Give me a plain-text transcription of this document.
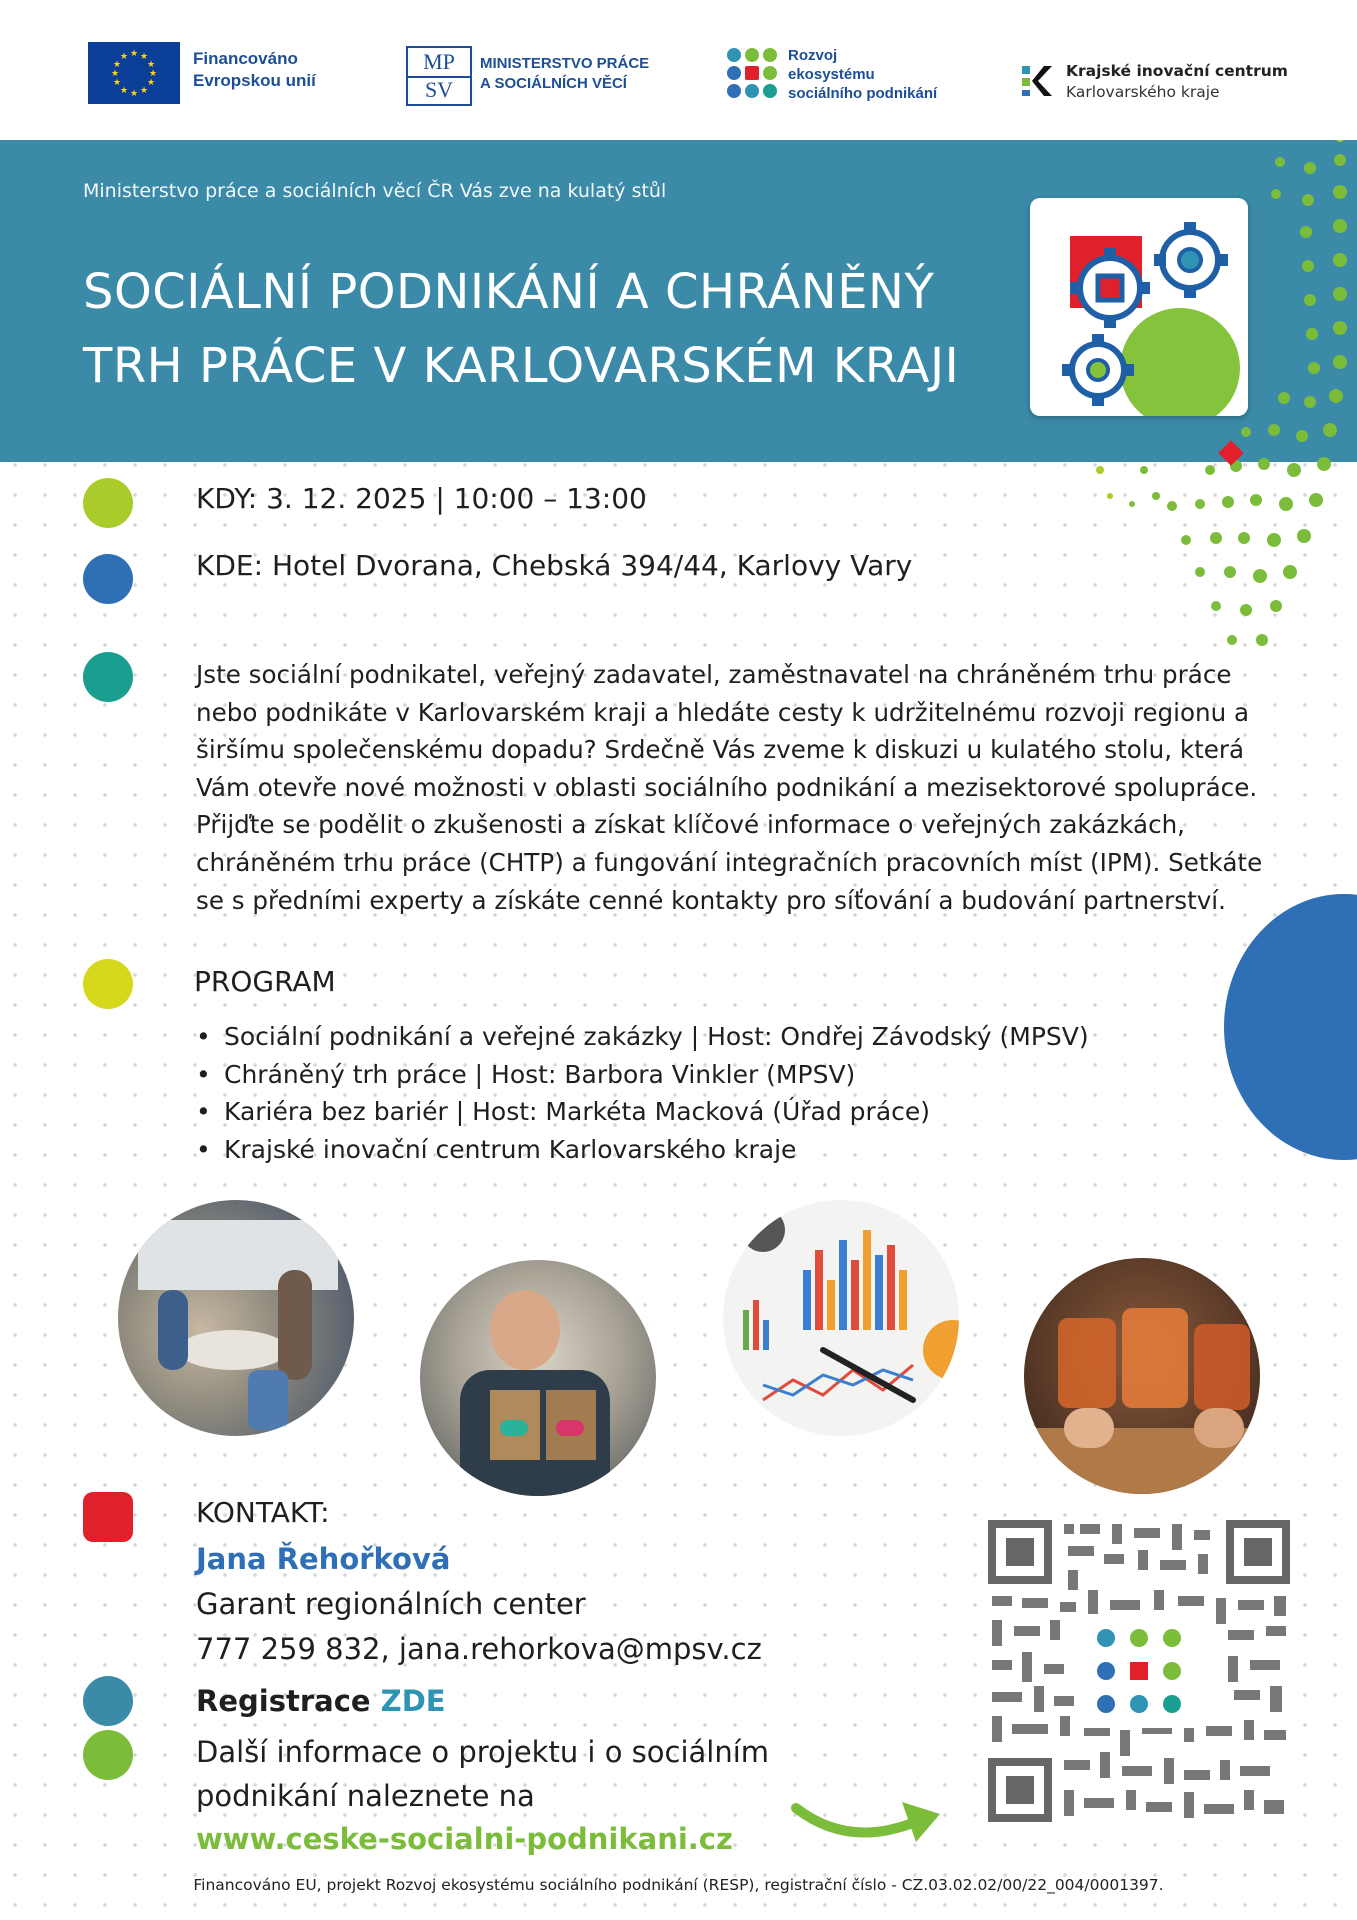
★ ★
★
★
★
★
★
★
★
★
★
★	Financováno
Evropskou unií
MP
SV
MINISTERSTVO PRÁCE
A SOCIÁLNÍCH VĚCÍ
Rozvoj
ekosystému
sociálního podnikání
Krajské inovační centrum
Karlovarského kraje
Ministerstvo práce a sociálních věcí ČR Vás zve na kulatý stůl
SOCIÁLNÍ PODNIKÁNÍ A CHRÁNĚNÝ
TRH PRÁCE V KARLOVARSKÉM KRAJI
KDY: 3. 12. 2025 | 10:00 – 13:00
KDE: Hotel Dvorana, Chebská 394/44, Karlovy Vary
Jste sociální podnikatel, veřejný zadavatel, zaměstnavatel na chráněném trhu práce
nebo podnikáte v Karlovarském kraji a hledáte cesty k udržitelnému rozvoji regionu a
širšímu společenskému dopadu? Srdečně Vás zveme k diskuzi u kulatého stolu, která
Vám otevře nové možnosti v oblasti sociálního podnikání a mezisektorové spolupráce.
Přijďte se podělit o zkušenosti a získat klíčové informace o veřejných zakázkách,
chráněném trhu práce (CHTP) a fungování integračních pracovních míst (IPM). Setkáte
se s předními experty a získáte cenné kontakty pro síťování a budování partnerství.
PROGRAM
• Sociální podnikání a veřejné zakázky | Host: Ondřej Závodský (MPSV)
• Chráněný trh práce | Host: Barbora Vinkler (MPSV)
• Kariéra bez bariér | Host: Markéta Macková (Úřad práce)
• Krajské inovační centrum Karlovarského kraje
KONTAKT:
Jana Řehořková
Garant regionálních center
777 259 832, jana.rehorkova@mpsv.cz
Registrace ZDE
Další informace o projektu i o sociálním
podnikání naleznete na
www.ceske-socialni-podnikani.cz
Financováno EU, projekt Rozvoj ekosystému sociálního podnikání (RESP), registrační číslo - CZ.03.02.02/00/22_004/0001397.
